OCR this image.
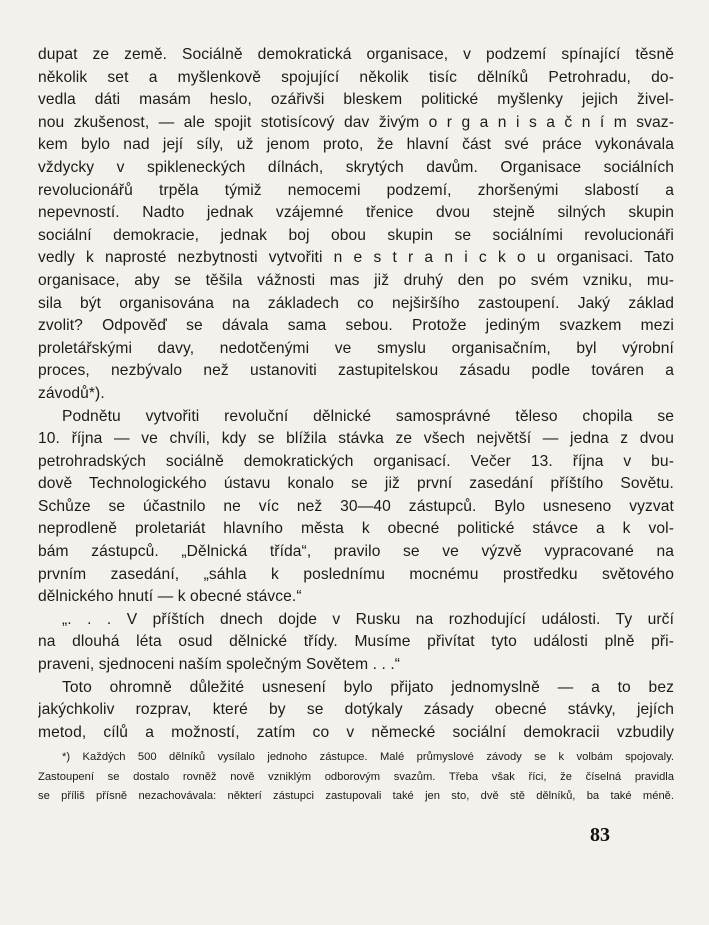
dupat ze země. Sociálně demokratická organisace, v podzemí spínající těsně
několik set a myšlenkově spojující několik tisíc dělníků Petrohradu, do-
vedla dáti masám heslo, ozářivši bleskem politické myšlenky jejich živel-
nou zkušenost, — ale spojit stotisícový dav živým o r g a n i s a č n í m svaz-
kem bylo nad její síly, už jenom proto, že hlavní část své práce vykonávala
vždycky v spikleneckých dílnách, skrytých davům. Organisace sociálních
revolucionářů trpěla týmiž nemocemi podzemí, zhoršenými slabostí a
nepevností. Nadto jednak vzájemné třenice dvou stejně silných skupin
sociální demokracie, jednak boj obou skupin se sociálními revolucionáři
vedly k naprosté nezbytnosti vytvořiti n e s t r a n i c k o u organisaci. Tato
organisace, aby se těšila vážnosti mas již druhý den po svém vzniku, mu-
sila být organisována na základech co nejširšího zastoupení. Jaký základ
zvolit? Odpověď se dávala sama sebou. Protože jediným svazkem mezi
proletářskými davy, nedotčenými ve smyslu organisačním, byl výrobní
proces, nezbývalo než ustanoviti zastupitelskou zásadu podle továren a
závodů*).
Podnětu vytvořiti revoluční dělnické samosprávné těleso chopila se
10. října — ve chvíli, kdy se blížila stávka ze všech největší — jedna z dvou
petrohradských sociálně demokratických organisací. Večer 13. října v bu-
dově Technologického ústavu konalo se již první zasedání příštího Sovětu.
Schůze se účastnilo ne víc než 30—40 zástupců. Bylo usneseno vyzvat
neprodleně proletariát hlavního města k obecné politické stávce a k vol-
bám zástupců. „Dělnická třída“, pravilo se ve výzvě vypracované na
prvním zasedání, „sáhla k poslednímu mocnému prostředku světového
dělnického hnutí — k obecné stávce.“
„. . . V příštích dnech dojde v Rusku na rozhodující události. Ty určí
na dlouhá léta osud dělnické třídy. Musíme přivítat tyto události plně při-
praveni, sjednoceni naším společným Sovětem . . .“
Toto ohromně důležité usnesení bylo přijato jednomyslně — a to bez
jakýchkoliv rozprav, které by se dotýkaly zásady obecné stávky, jejích
metod, cílů a možností, zatím co v německé sociální demokracii vzbudily
*) Každých 500 dělníků vysílalo jednoho zástupce. Malé průmyslové závody se k volbám spojovaly.
Zastoupení se dostalo rovněž nově vzniklým odborovým svazům. Třeba však říci, že číselná pravidla
se příliš přísně nezachovávala: některí zástupci zastupovali také jen sto, dvě stě dělníků, ba také méně.
83
